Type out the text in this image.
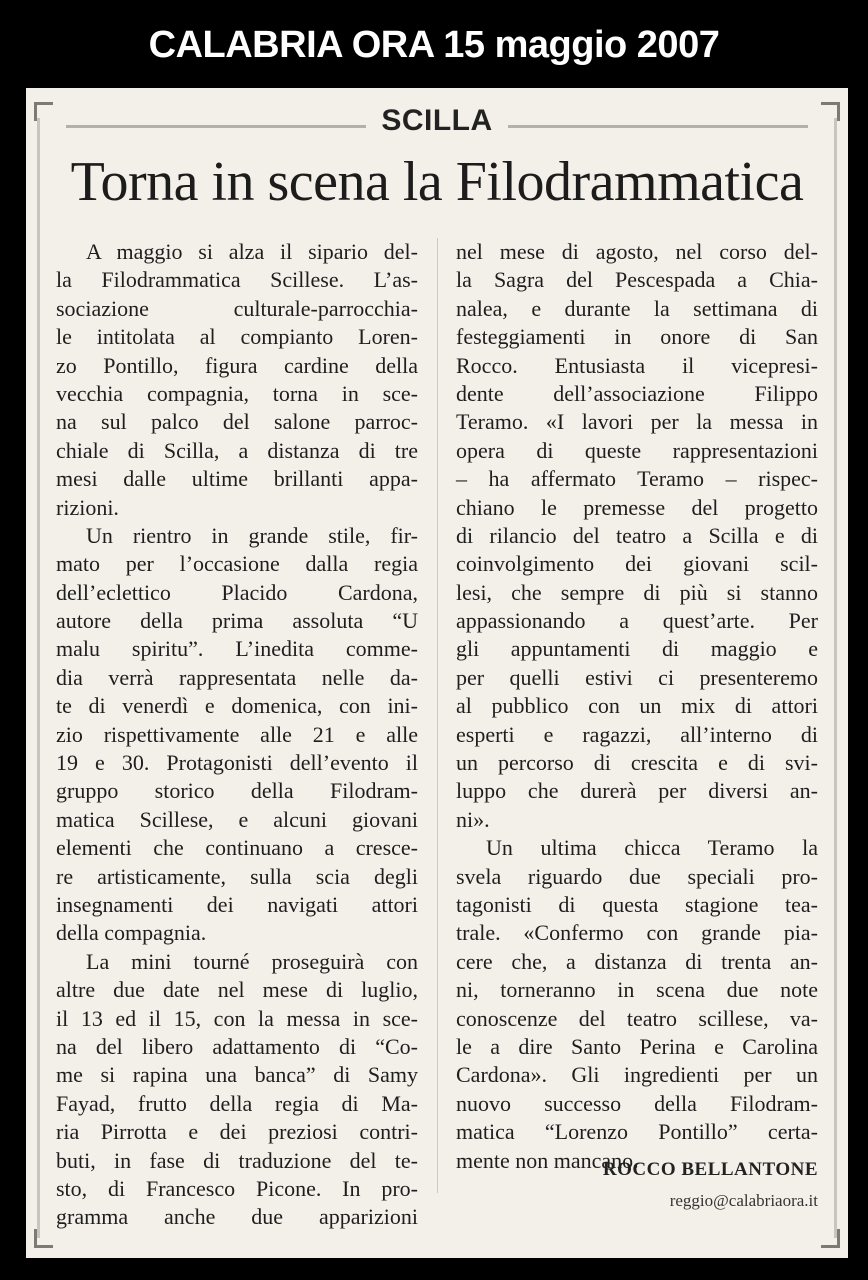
CALABRIA ORA 15 maggio 2007
SCILLA
Torna in scena la Filodrammatica
A maggio si alza il sipario del-
la Filodrammatica Scillese. L’as-
sociazione culturale-parrocchia-
le intitolata al compianto Loren-
zo Pontillo, figura cardine della
vecchia compagnia, torna in sce-
na sul palco del salone parroc-
chiale di Scilla, a distanza di tre
mesi dalle ultime brillanti appa-
rizioni.
Un rientro in grande stile, fir-
mato per l’occasione dalla regia
dell’eclettico Placido Cardona,
autore della prima assoluta “U
malu spiritu”. L’inedita comme-
dia verrà rappresentata nelle da-
te di venerdì e domenica, con ini-
zio rispettivamente alle 21 e alle
19 e 30. Protagonisti dell’evento il
gruppo storico della Filodram-
matica Scillese, e alcuni giovani
elementi che continuano a cresce-
re artisticamente, sulla scia degli
insegnamenti dei navigati attori
della compagnia.
La mini tourné proseguirà con
altre due date nel mese di luglio,
il 13 ed il 15, con la messa in sce-
na del libero adattamento di “Co-
me si rapina una banca” di Samy
Fayad, frutto della regia di Ma-
ria Pirrotta e dei preziosi contri-
buti, in fase di traduzione del te-
sto, di Francesco Picone. In pro-
gramma anche due apparizioni
nel mese di agosto, nel corso del-
la Sagra del Pescespada a Chia-
nalea, e durante la settimana di
festeggiamenti in onore di San
Rocco. Entusiasta il vicepresi-
dente dell’associazione Filippo
Teramo. «I lavori per la messa in
opera di queste rappresentazioni
– ha affermato Teramo – rispec-
chiano le premesse del progetto
di rilancio del teatro a Scilla e di
coinvolgimento dei giovani scil-
lesi, che sempre di più si stanno
appassionando a quest’arte. Per
gli appuntamenti di maggio e
per quelli estivi ci presenteremo
al pubblico con un mix di attori
esperti e ragazzi, all’interno di
un percorso di crescita e di svi-
luppo che durerà per diversi an-
ni».
Un ultima chicca Teramo la
svela riguardo due speciali pro-
tagonisti di questa stagione tea-
trale. «Confermo con grande pia-
cere che, a distanza di trenta an-
ni, torneranno in scena due note
conoscenze del teatro scillese, va-
le a dire Santo Perina e Carolina
Cardona». Gli ingredienti per un
nuovo successo della Filodram-
matica “Lorenzo Pontillo” certa-
mente non mancano.
ROCCO BELLANTONE
reggio@calabriaora.it
